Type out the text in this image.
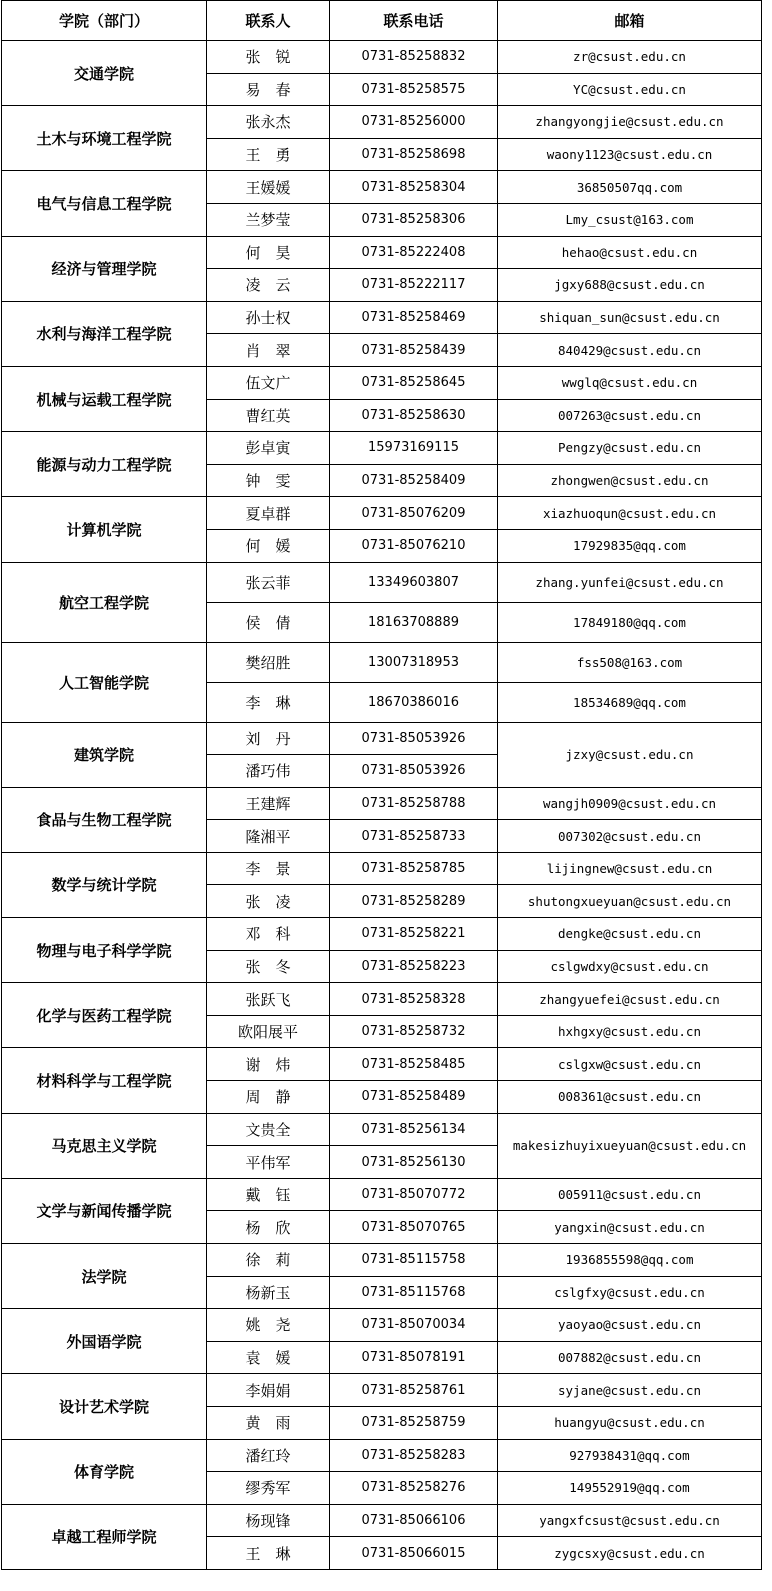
学院（部门）	联系人	联系电话	邮箱
交通学院	张　锐	0731-85258832	zr@csust.edu.cn
	易　春	0731-85258575	YC@csust.edu.cn
土木与环境工程学院	张永杰	0731-85256000	zhangyongjie@csust.edu.cn
	王　勇	0731-85258698	waony1123@csust.edu.cn
电气与信息工程学院	王媛媛	0731-85258304	36850507qq.com
	兰梦莹	0731-85258306	Lmy_csust@163.com
经济与管理学院	何　昊	0731-85222408	hehao@csust.edu.cn
	凌　云	0731-85222117	jgxy688@csust.edu.cn
水利与海洋工程学院	孙士权	0731-85258469	shiquan_sun@csust.edu.cn
	肖　翠	0731-85258439	840429@csust.edu.cn
机械与运载工程学院	伍文广	0731-85258645	wwglq@csust.edu.cn
	曹红英	0731-85258630	007263@csust.edu.cn
能源与动力工程学院	彭卓寅	15973169115	Pengzy@csust.edu.cn
	钟　雯	0731-85258409	zhongwen@csust.edu.cn
计算机学院	夏卓群	0731-85076209	xiazhuoqun@csust.edu.cn
	何　媛	0731-85076210	17929835@qq.com
航空工程学院	张云菲	13349603807	zhang.yunfei@csust.edu.cn
	侯　倩	18163708889	17849180@qq.com
人工智能学院	樊绍胜	13007318953	fss508@163.com
	李　琳	18670386016	18534689@qq.com
建筑学院	刘　丹	0731-85053926	jzxy@csust.edu.cn
	潘巧伟	0731-85053926	
食品与生物工程学院	王建辉	0731-85258788	wangjh0909@csust.edu.cn
	隆湘平	0731-85258733	007302@csust.edu.cn
数学与统计学院	李　景	0731-85258785	lijingnew@csust.edu.cn
	张　凌	0731-85258289	shutongxueyuan@csust.edu.cn
物理与电子科学学院	邓　科	0731-85258221	dengke@csust.edu.cn
	张　冬	0731-85258223	cslgwdxy@csust.edu.cn
化学与医药工程学院	张跃飞	0731-85258328	zhangyuefei@csust.edu.cn
	欧阳展平	0731-85258732	hxhgxy@csust.edu.cn
材料科学与工程学院	谢　炜	0731-85258485	cslgxw@csust.edu.cn
	周　静	0731-85258489	008361@csust.edu.cn
马克思主义学院	文贵全	0731-85256134	makesizhuyixueyuan@csust.edu.cn
	平伟军	0731-85256130	
文学与新闻传播学院	戴　钰	0731-85070772	005911@csust.edu.cn
	杨　欣	0731-85070765	yangxin@csust.edu.cn
法学院	徐　莉	0731-85115758	1936855598@qq.com
	杨新玉	0731-85115768	cslgfxy@csust.edu.cn
外国语学院	姚　尧	0731-85070034	yaoyao@csust.edu.cn
	袁　媛	0731-85078191	007882@csust.edu.cn
设计艺术学院	李娟娟	0731-85258761	syjane@csust.edu.cn
	黄　雨	0731-85258759	huangyu@csust.edu.cn
体育学院	潘红玲	0731-85258283	927938431@qq.com
	缪秀军	0731-85258276	149552919@qq.com
卓越工程师学院	杨现锋	0731-85066106	yangxfcsust@csust.edu.cn
	王　琳	0731-85066015	zygcsxy@csust.edu.cn
